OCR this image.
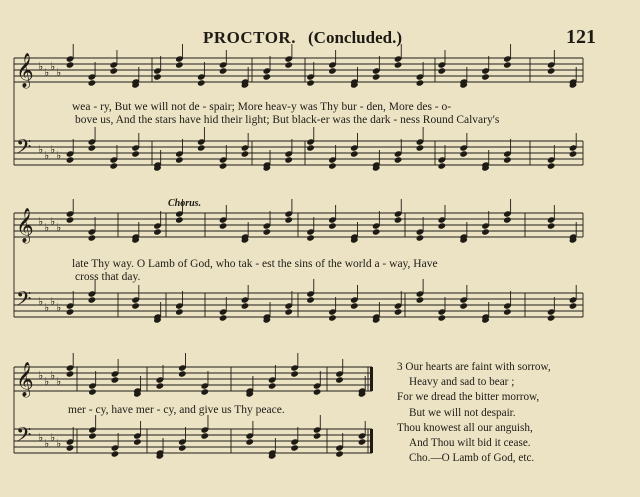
PROCTOR. (Concluded.)	121
𝄞 ♭ ♭ ♭ ♭
𝄢 ♭ ♭ ♭ ♭
𝄞 ♭ ♭ ♭ ♭
𝄢 ♭ ♭ ♭ ♭
𝄞 ♭ ♭ ♭ ♭
𝄢 ♭ ♭ ♭ ♭
wea - ry, But we will not de - spair; More heav-y was Thy bur - den, More des - o-
bove us, And the stars have hid their light; But black-er was the dark - ness Round Calvary's
Chorus.
late Thy way. O Lamb of God, who tak - est the sins of the world a - way, Have
cross that day.
mer - cy, have mer - cy, and give us Thy peace.
3 Our hearts are faint with sorrow,
Heavy and sad to bear ;
For we dread the bitter morrow,
But we will not despair.
Thou knowest all our anguish,
And Thou wilt bid it cease.
Cho.—O Lamb of God, etc.
